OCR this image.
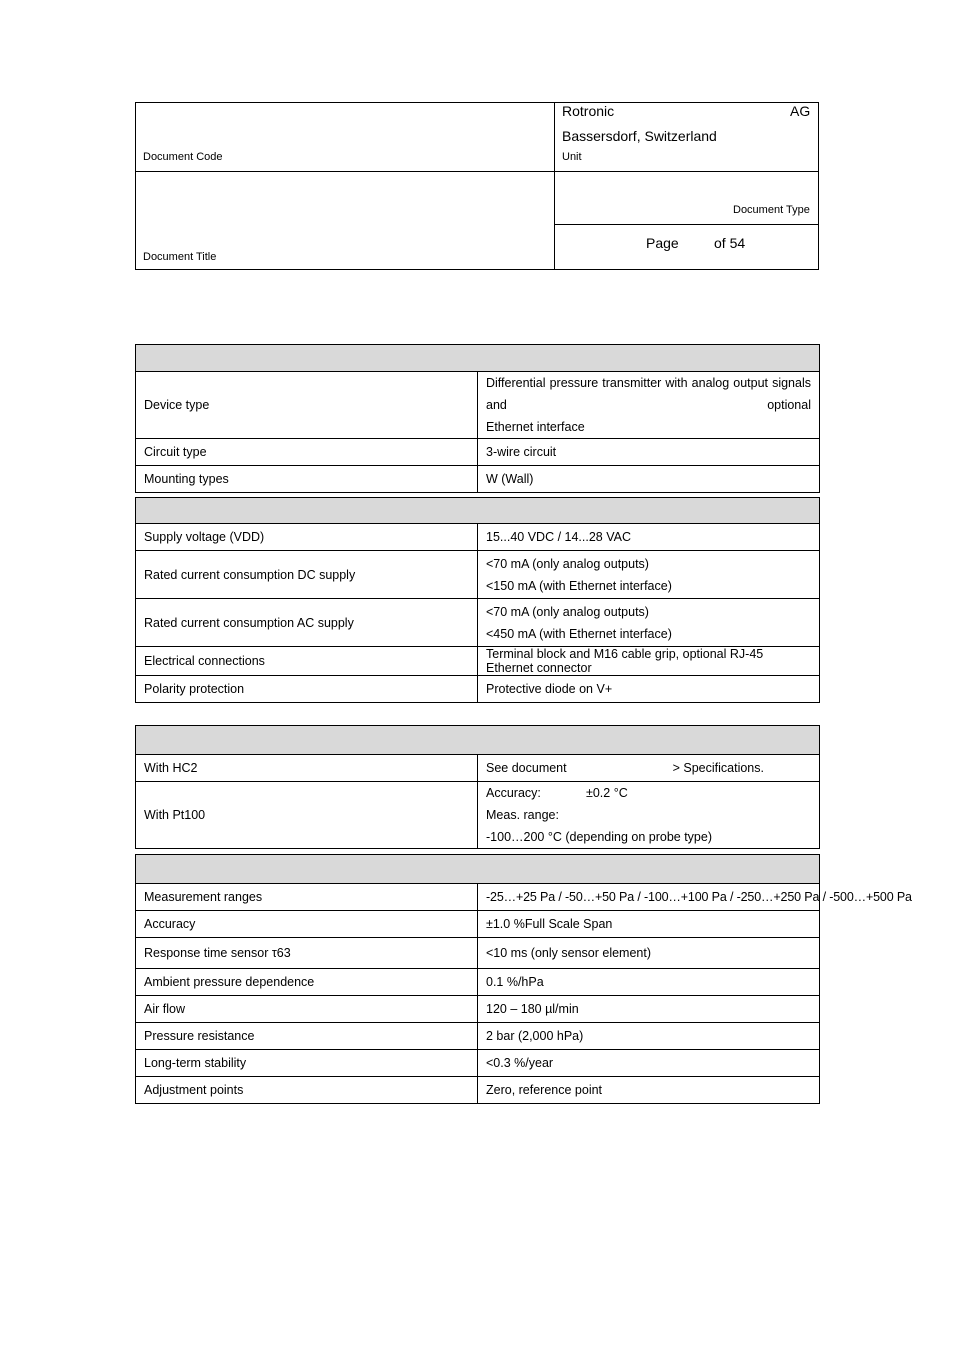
Rotronic	AG
Bassersdorf, Switzerland
Document Code	Unit
Document Type
Page	of 54
Document Title

Device type	Differential pressure transmitter with analog output signals and optional
Ethernet interface

Circuit type	3-wire circuit
Mounting types	W (Wall)

Supply voltage (VDD)	15...40 VDC / 14...28 VAC
Rated current consumption DC supply	<70 mA (only analog outputs)
<150 mA (with Ethernet interface)

Rated current consumption AC supply	<70 mA (only analog outputs)
<450 mA (with Ethernet interface)

Electrical connections	Terminal block and M16 cable grip, optional RJ-45 Ethernet connector
Polarity protection	Protective diode on V+

With HC2	See document > Specifications.
With Pt100	Accuracy: ±0.2 °C
Meas. range:-100…200 °C (depending on probe type)

Measurement ranges	-25…+25 Pa / -50…+50 Pa / -100…+100 Pa / -250…+250 Pa / -500…+500 Pa
Accuracy	±1.0 %Full Scale Span
Response time sensor τ63	<10 ms (only sensor element)
Ambient pressure dependence	0.1 %/hPa
Air flow	120 – 180 µl/min
Pressure resistance	2 bar (2,000 hPa)
Long-term stability	<0.3 %/year
Adjustment points	Zero, reference point
